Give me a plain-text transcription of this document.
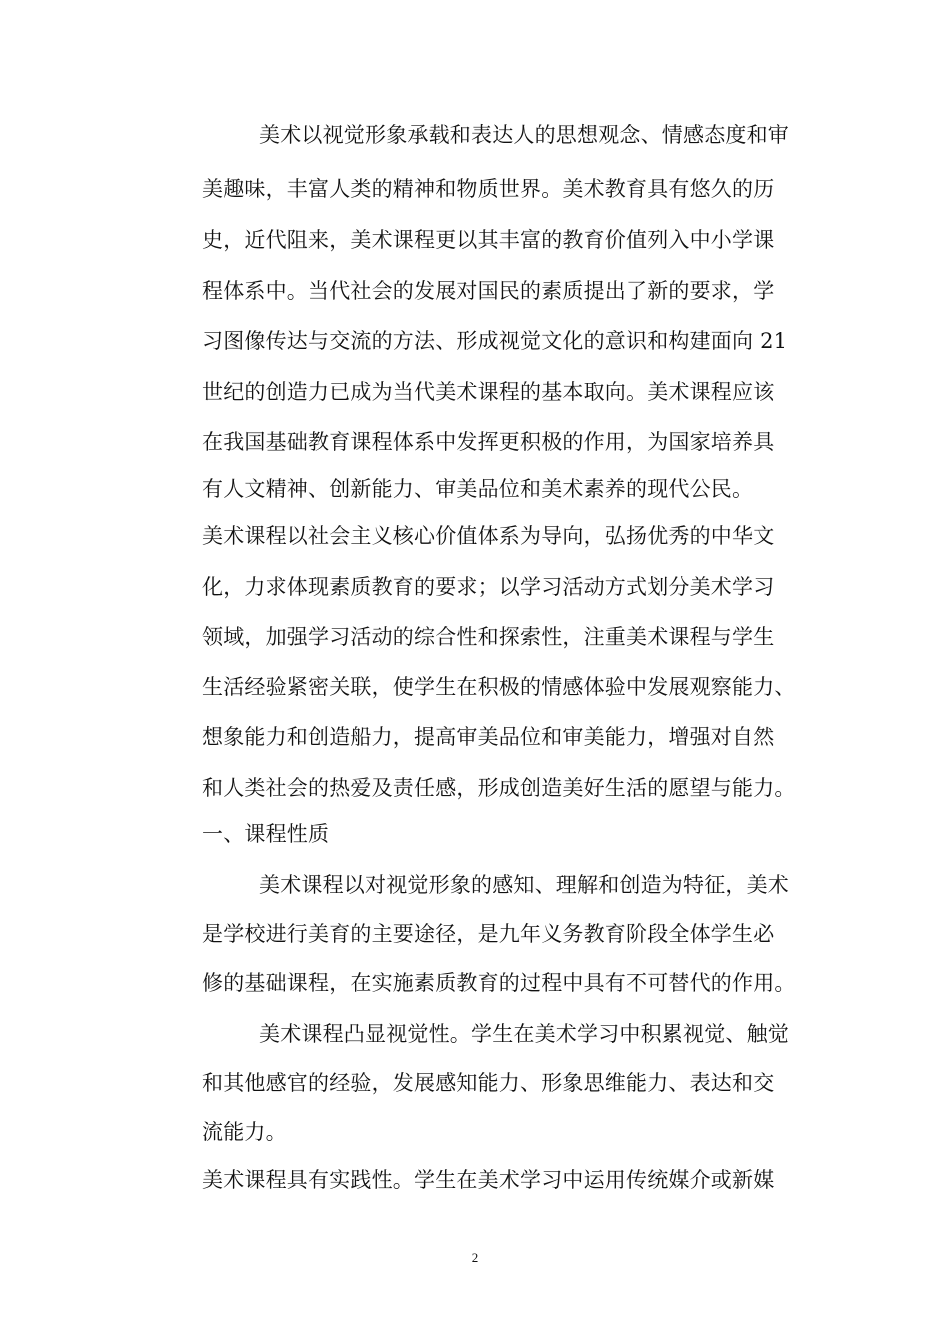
美术以视觉形象承载和表达人的思想观念、情感态度和审
美趣味，丰富人类的精神和物质世界。美术教育具有悠久的历
史，近代阻来，美术课程更以其丰富的教育价值列入中小学课
程体系中。当代社会的发展对国民的素质提出了新的要求，学
习图像传达与交流的方法、形成视觉文化的意识和构建面向 21
世纪的创造力已成为当代美术课程的基本取向。美术课程应该
在我国基础教育课程体系中发挥更积极的作用，为国家培养具
有人文精神、创新能力、审美品位和美术素养的现代公民。
美术课程以社会主义核心价值体系为导向，弘扬优秀的中华文
化，力求体现素质教育的要求；以学习活动方式划分美术学习
领域，加强学习活动的综合性和探索性，注重美术课程与学生
生活经验紧密关联，使学生在积极的情感体验中发展观察能力、
想象能力和创造船力，提高审美品位和审美能力，增强对自然
和人类社会的热爱及责任感，形成创造美好生活的愿望与能力。
一、课程性质
美术课程以对视觉形象的感知、理解和创造为特征，美术
是学校进行美育的主要途径，是九年义务教育阶段全体学生必
修的基础课程，在实施素质教育的过程中具有不可替代的作用。
美术课程凸显视觉性。学生在美术学习中积累视觉、触觉
和其他感官的经验，发展感知能力、形象思维能力、表达和交
流能力。
美术课程具有实践性。学生在美术学习中运用传统媒介或新媒
2
